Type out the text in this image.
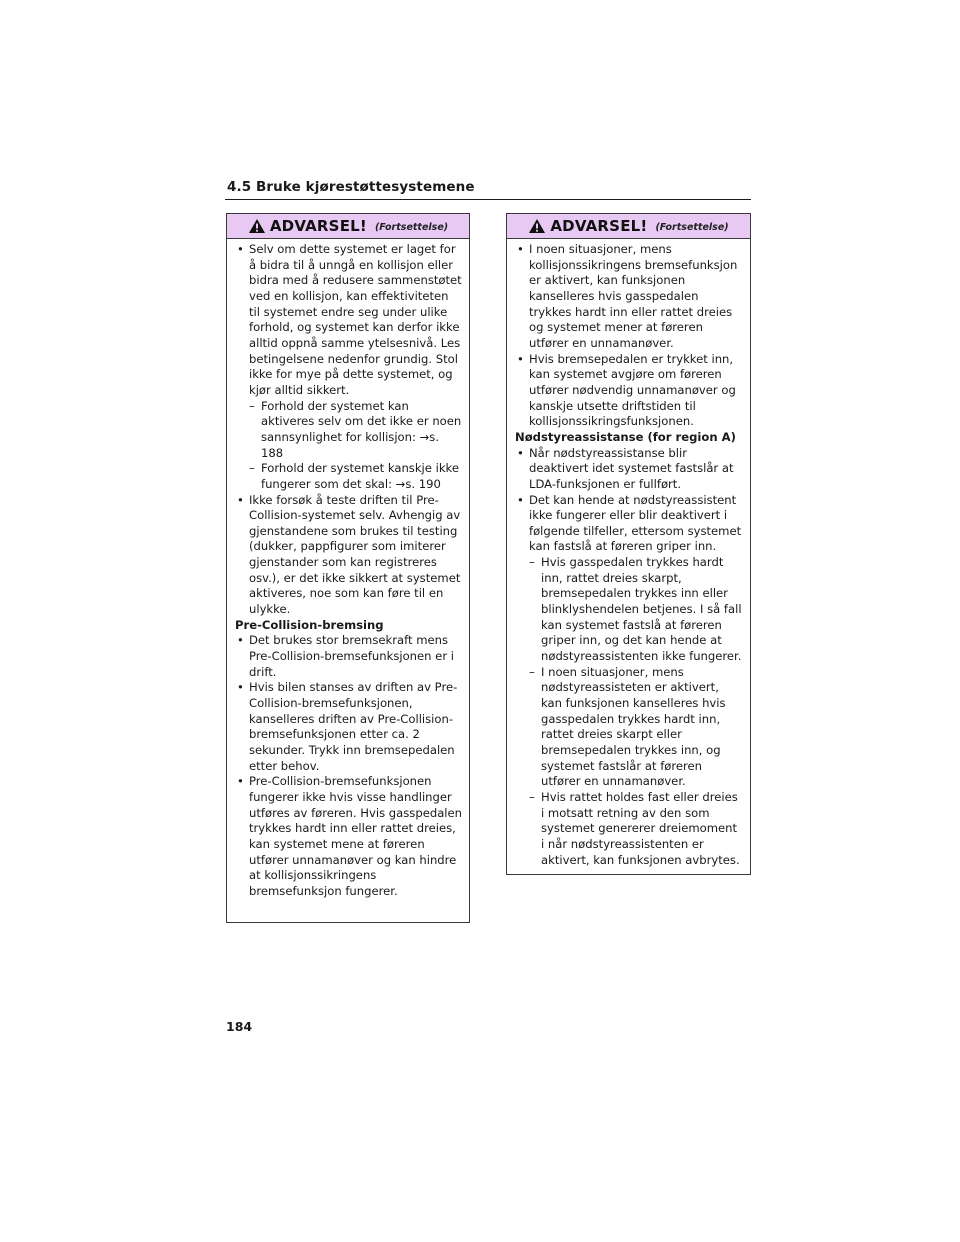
4.5 Bruke kjørestøttesystemene
ADVARSEL! (Fortsettelse)
• Selv om dette systemet er laget for å bidra til å unngå en kollisjon eller bidra med å redusere sammenstøtet ved en kollisjon, kan effektiviteten til systemet endre seg under ulike forhold, og systemet kan derfor ikke alltid oppnå samme ytelsesnivå. Les betingelsene nedenfor grundig. Stol ikke for mye på dette systemet, og kjør alltid sikkert.
– Forhold der systemet kan aktiveres selv om det ikke er noen sannsynlighet for kollisjon: →s. 188
– Forhold der systemet kanskje ikke fungerer som det skal: →s. 190
• Ikke forsøk å teste driften til Pre-Collision-systemet selv. Avhengig av gjenstandene som brukes til testing (dukker, pappfigurer som imiterer gjenstander som kan registreres osv.), er det ikke sikkert at systemet aktiveres, noe som kan føre til en ulykke.
Pre-Collision-bremsing
• Det brukes stor bremsekraft mens Pre-Collision-bremsefunksjonen er i drift.
• Hvis bilen stanses av driften av Pre-Collision-bremsefunksjonen, kanselleres driften av Pre-Collision-bremsefunksjonen etter ca. 2 sekunder. Trykk inn bremsepedalen etter behov.
• Pre-Collision-bremsefunksjonen fungerer ikke hvis visse handlinger utføres av føreren. Hvis gasspedalen trykkes hardt inn eller rattet dreies, kan systemet mene at føreren utfører unnamanøver og kan hindre at kollisjonssikringens bremsefunksjon fungerer.
ADVARSEL! (Fortsettelse)
• I noen situasjoner, mens kollisjonssikringens bremsefunksjon er aktivert, kan funksjonen kanselleres hvis gasspedalen trykkes hardt inn eller rattet dreies og systemet mener at føreren utfører en unnamanøver.
• Hvis bremsepedalen er trykket inn, kan systemet avgjøre om føreren utfører nødvendig unnamanøver og kanskje utsette driftstiden til kollisjonssikringsfunksjonen.
Nødstyreassistanse (for region A)
• Når nødstyreassistanse blir deaktivert idet systemet fastslår at LDA-funksjonen er fullført.
• Det kan hende at nødstyreassistent ikke fungerer eller blir deaktivert i følgende tilfeller, ettersom systemet kan fastslå at føreren griper inn.
– Hvis gasspedalen trykkes hardt inn, rattet dreies skarpt, bremsepedalen trykkes inn eller blinklyshendelen betjenes. I så fall kan systemet fastslå at føreren griper inn, og det kan hende at nødstyreassistenten ikke fungerer.
– I noen situasjoner, mens nødstyreassisteten er aktivert, kan funksjonen kanselleres hvis gasspedalen trykkes hardt inn, rattet dreies skarpt eller bremsepedalen trykkes inn, og systemet fastslår at føreren utfører en unnamanøver.
– Hvis rattet holdes fast eller dreies i motsatt retning av den som systemet genererer dreiemoment i når nødstyreassistenten er aktivert, kan funksjonen avbrytes.
184
